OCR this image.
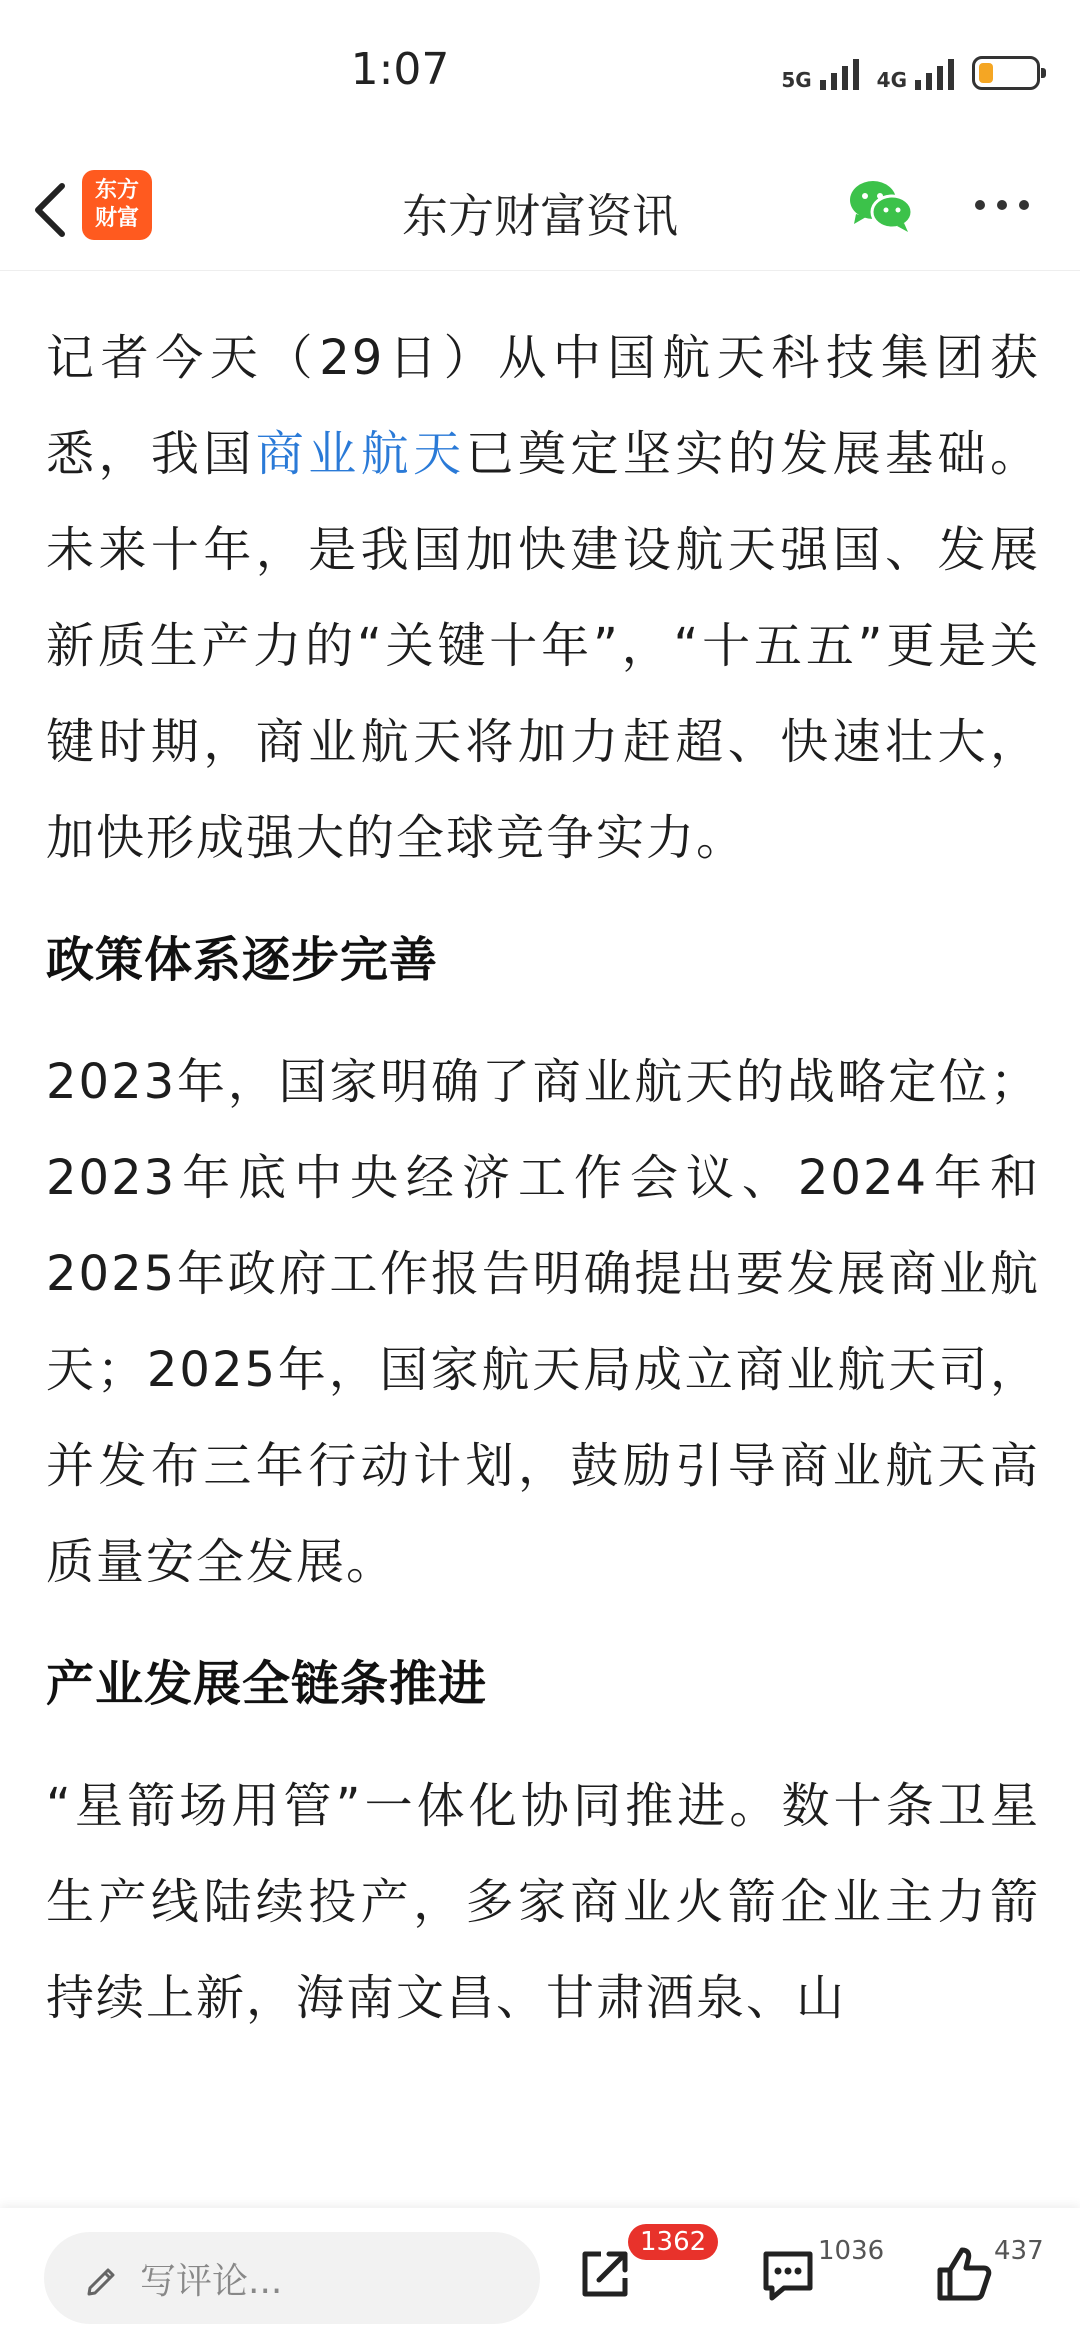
1:07	5G	4G
东方
财富	东方财富资讯

记者今天（29日）从中国航天科技集团获悉，我国商业航天已奠定坚实的发展基础。未来十年，是我国加快建设航天强国、发展新质生产力的“关键十年”，“十五五”更是关键时期，商业航天将加力赶超、快速壮大，加快形成强大的全球竞争实力。

政策体系逐步完善

2023年，国家明确了商业航天的战略定位；2023年底中央经济工作会议、2024年和2025年政府工作报告明确提出要发展商业航天；2025年，国家航天局成立商业航天司，并发布三年行动计划，鼓励引导商业航天高质量安全发展。

产业发展全链条推进

“星箭场用管”一体化协同推进。数十条卫星生产线陆续投产，多家商业火箭企业主力箭持续上新，海南文昌、甘肃酒泉、山

写评论...
1362	1036	437
